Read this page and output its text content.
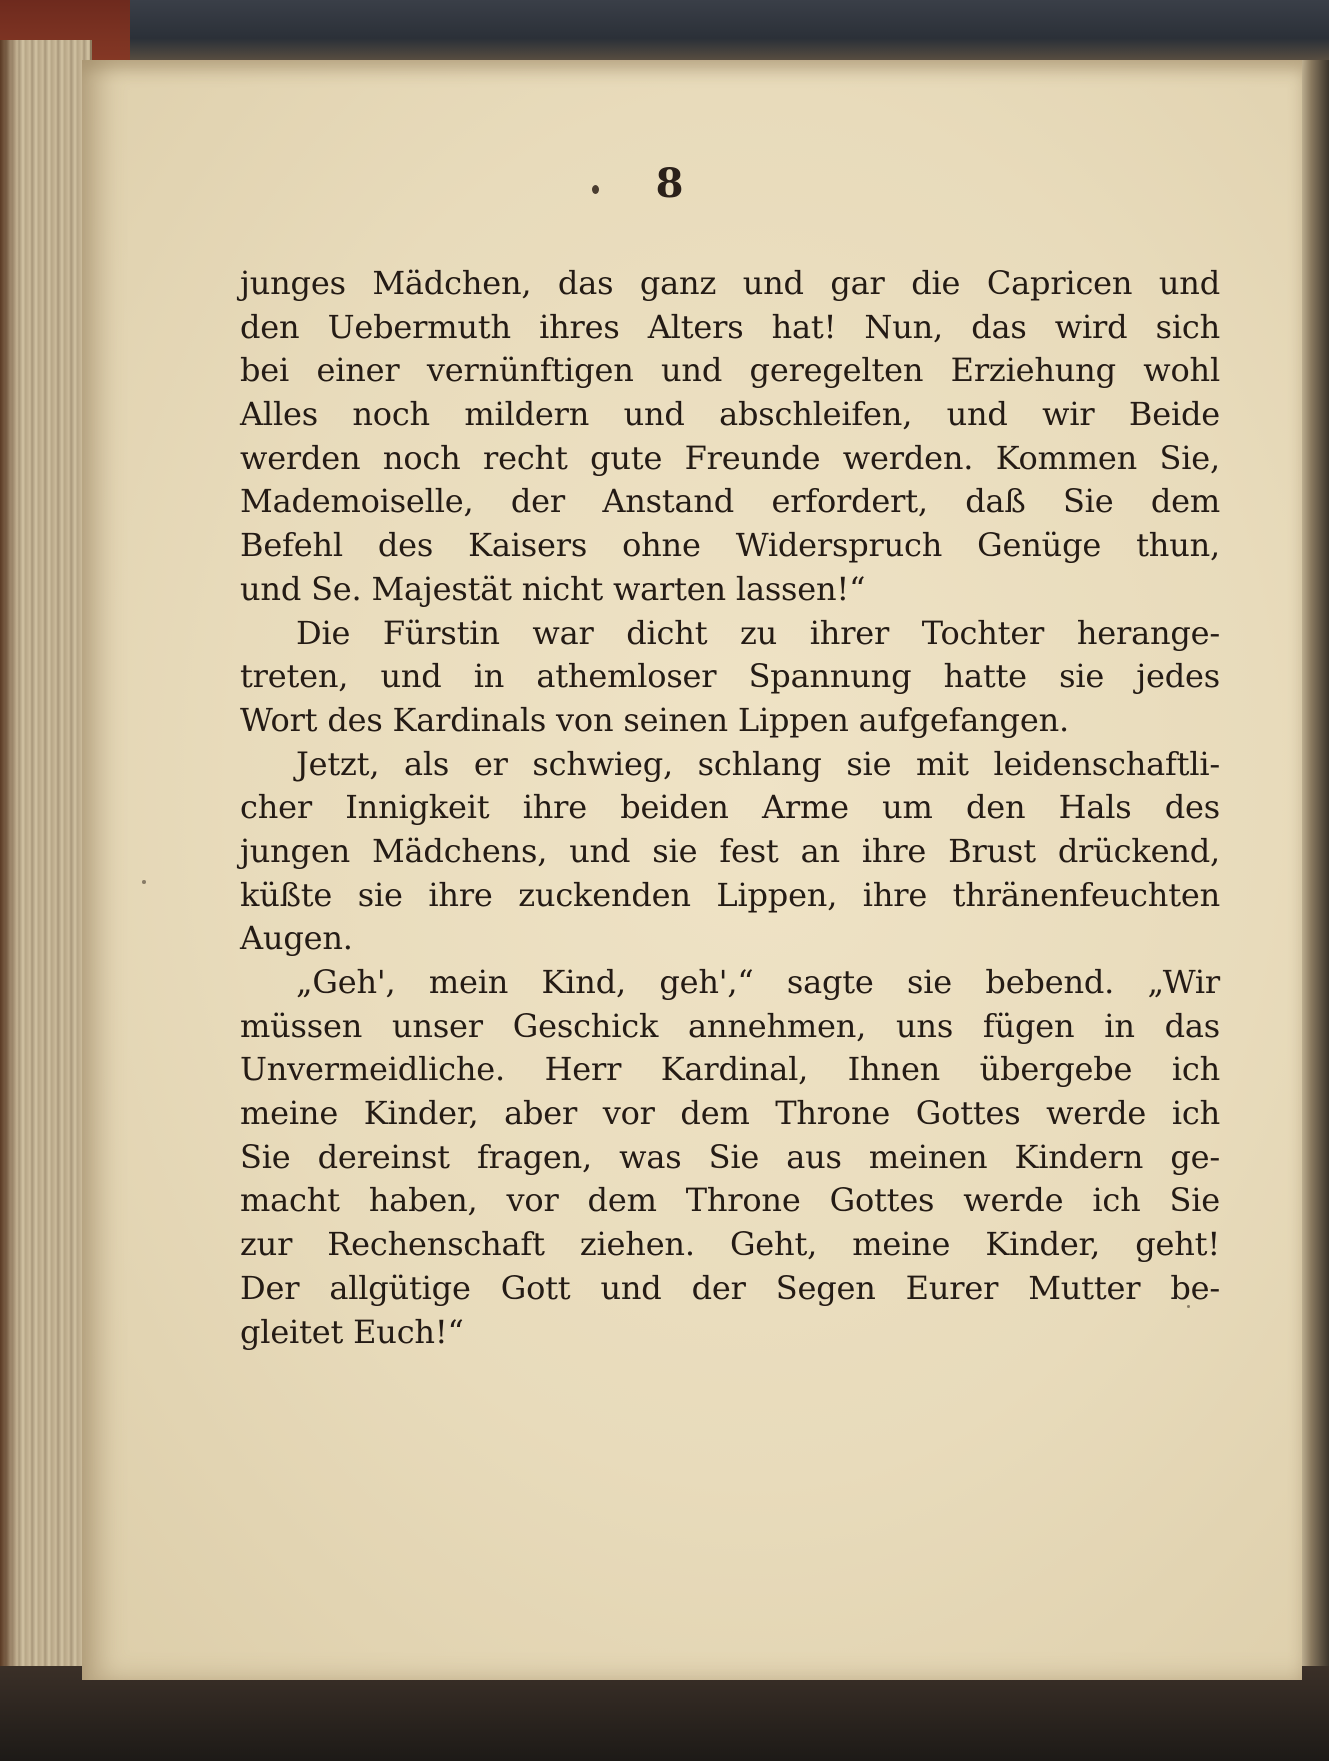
8
junges Mädchen, das ganz und gar die Capricen und
den Uebermuth ihres Alters hat! Nun, das wird sich
bei einer vernünftigen und geregelten Erziehung wohl
Alles noch mildern und abschleifen, und wir Beide
werden noch recht gute Freunde werden. Kommen Sie,
Mademoiselle, der Anstand erfordert, daß Sie dem
Befehl des Kaisers ohne Widerspruch Genüge thun,
und Se. Majestät nicht warten lassen!“
Die Fürstin war dicht zu ihrer Tochter herange-
treten, und in athemloser Spannung hatte sie jedes
Wort des Kardinals von seinen Lippen aufgefangen.
Jetzt, als er schwieg, schlang sie mit leidenschaftli-
cher Innigkeit ihre beiden Arme um den Hals des
jungen Mädchens, und sie fest an ihre Brust drückend,
küßte sie ihre zuckenden Lippen, ihre thränenfeuchten
Augen.
„Geh', mein Kind, geh',“ sagte sie bebend. „Wir
müssen unser Geschick annehmen, uns fügen in das
Unvermeidliche. Herr Kardinal, Ihnen übergebe ich
meine Kinder, aber vor dem Throne Gottes werde ich
Sie dereinst fragen, was Sie aus meinen Kindern ge-
macht haben, vor dem Throne Gottes werde ich Sie
zur Rechenschaft ziehen. Geht, meine Kinder, geht!
Der allgütige Gott und der Segen Eurer Mutter be-
gleitet Euch!“
